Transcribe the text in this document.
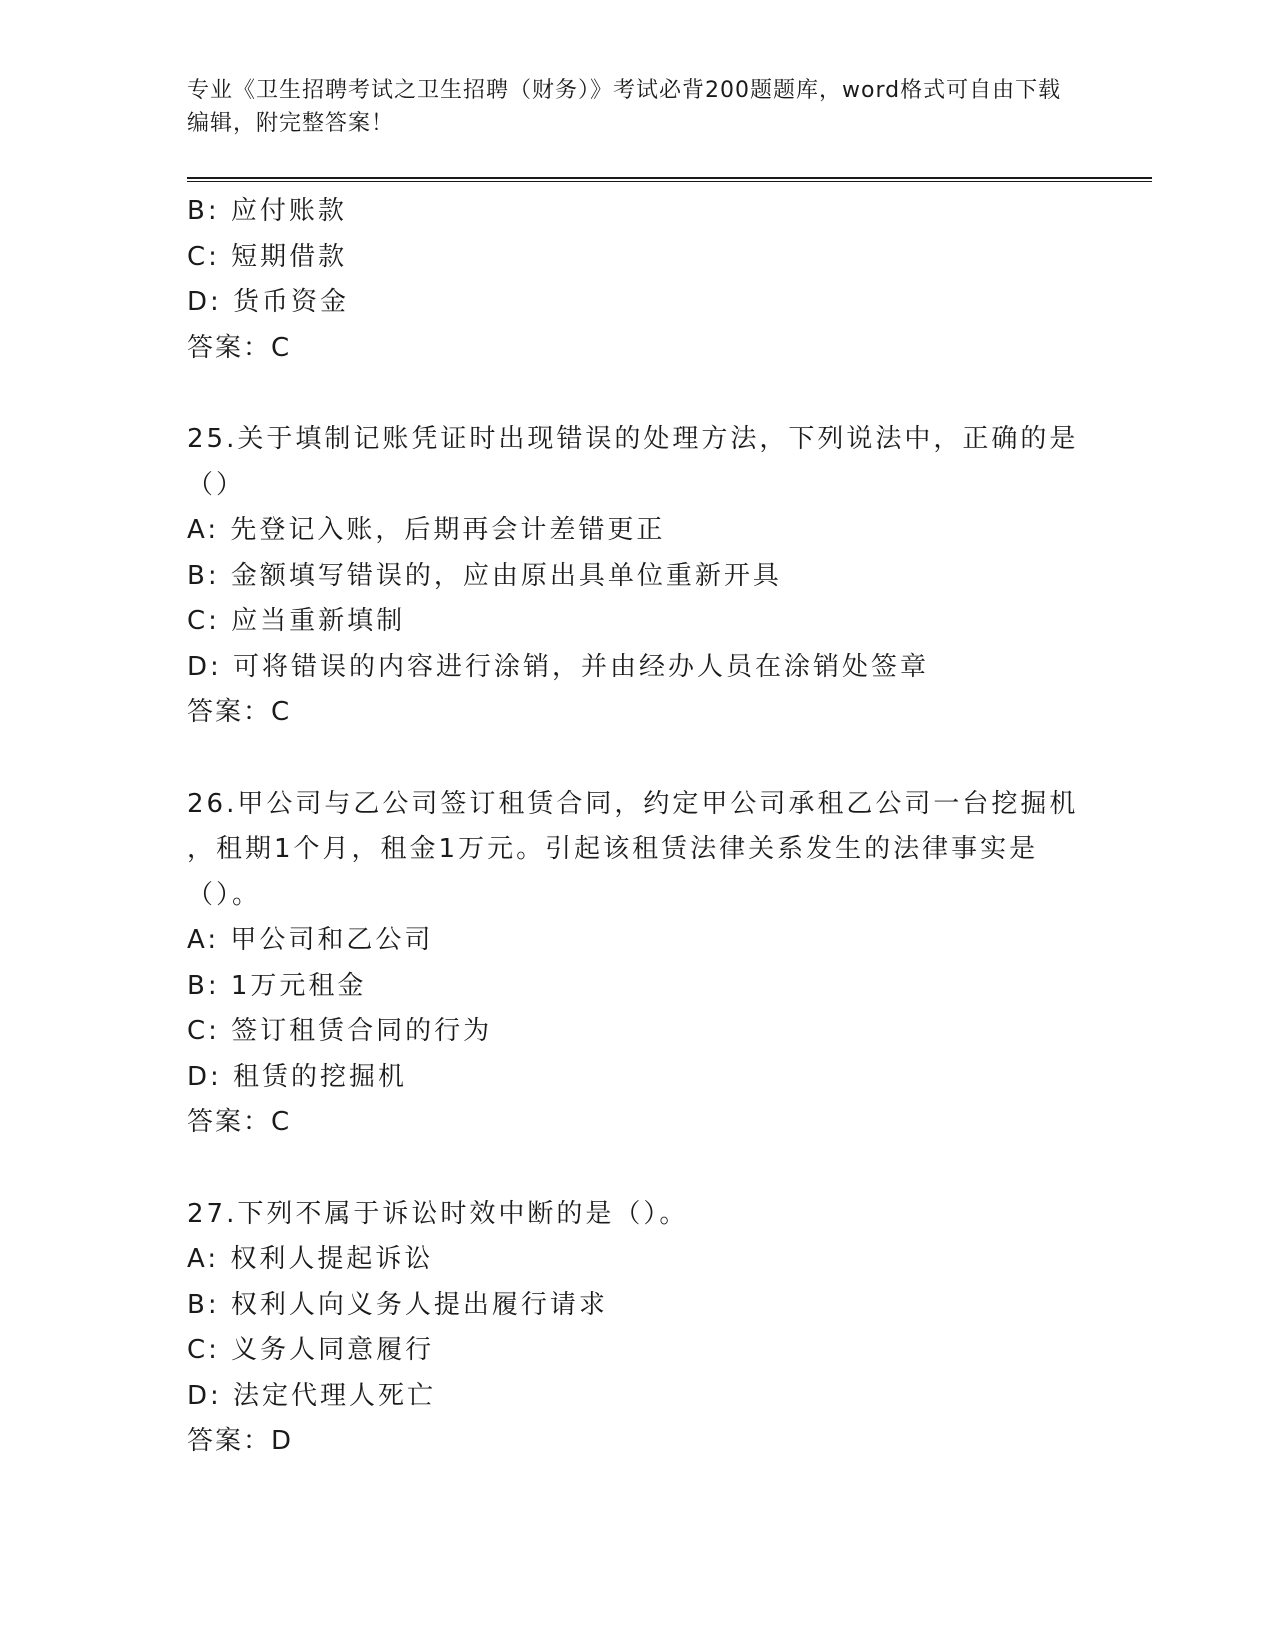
专业《卫生招聘考试之卫生招聘（财务）》考试必背200题题库，word格式可自由下载编辑，附完整答案！
B: 应付账款
C: 短期借款
D: 货币资金
答案：C
25.关于填制记账凭证时出现错误的处理方法，下列说法中，正确的是
（）
A: 先登记入账，后期再会计差错更正
B: 金额填写错误的，应由原出具单位重新开具
C: 应当重新填制
D: 可将错误的内容进行涂销，并由经办人员在涂销处签章
答案：C
26.甲公司与乙公司签订租赁合同，约定甲公司承租乙公司一台挖掘机
，租期1个月，租金1万元。引起该租赁法律关系发生的法律事实是
（）。
A: 甲公司和乙公司
B: 1万元租金
C: 签订租赁合同的行为
D: 租赁的挖掘机
答案：C
27.下列不属于诉讼时效中断的是（）。
A: 权利人提起诉讼
B: 权利人向义务人提出履行请求
C: 义务人同意履行
D: 法定代理人死亡
答案：D
